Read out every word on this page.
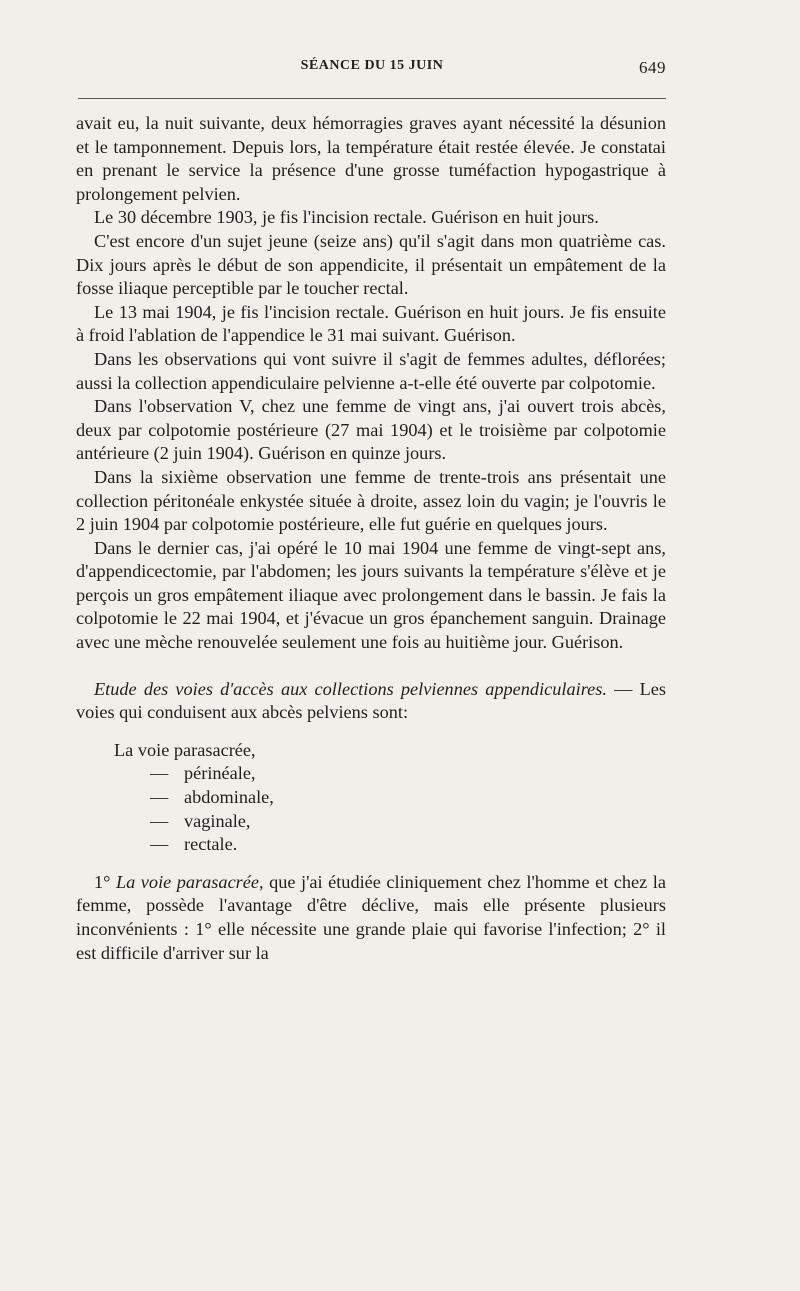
SÉANCE DU 15 JUIN	649

avait eu, la nuit suivante, deux hémorragies graves ayant nécessité la désunion et le tamponnement. Depuis lors, la température était restée élevée. Je constatai en prenant le service la présence d'une grosse tuméfaction hypogastrique à prolongement pelvien.

Le 30 décembre 1903, je fis l'incision rectale. Guérison en huit jours.

C'est encore d'un sujet jeune (seize ans) qu'il s'agit dans mon quatrième cas. Dix jours après le début de son appendicite, il présentait un empâtement de la fosse iliaque perceptible par le toucher rectal.

Le 13 mai 1904, je fis l'incision rectale. Guérison en huit jours. Je fis ensuite à froid l'ablation de l'appendice le 31 mai suivant. Guérison.

Dans les observations qui vont suivre il s'agit de femmes adultes, déflorées; aussi la collection appendiculaire pelvienne a-t-elle été ouverte par colpotomie.

Dans l'observation V, chez une femme de vingt ans, j'ai ouvert trois abcès, deux par colpotomie postérieure (27 mai 1904) et le troisième par colpotomie antérieure (2 juin 1904). Guérison en quinze jours.

Dans la sixième observation une femme de trente-trois ans présentait une collection péritonéale enkystée située à droite, assez loin du vagin; je l'ouvris le 2 juin 1904 par colpotomie postérieure, elle fut guérie en quelques jours.

Dans le dernier cas, j'ai opéré le 10 mai 1904 une femme de vingt-sept ans, d'appendicectomie, par l'abdomen; les jours suivants la température s'élève et je perçois un gros empâtement iliaque avec prolongement dans le bassin. Je fais la colpotomie le 22 mai 1904, et j'évacue un gros épanchement sanguin. Drainage avec une mèche renouvelée seulement une fois au huitième jour. Guérison.

Etude des voies d'accès aux collections pelviennes appendiculaires. — Les voies qui conduisent aux abcès pelviens sont:

La voie parasacrée,
— périnéale,
— abdominale,
— vaginale,
— rectale.

1° La voie parasacrée, que j'ai étudiée cliniquement chez l'homme et chez la femme, possède l'avantage d'être déclive, mais elle présente plusieurs inconvénients : 1° elle nécessite une grande plaie qui favorise l'infection; 2° il est difficile d'arriver sur la
